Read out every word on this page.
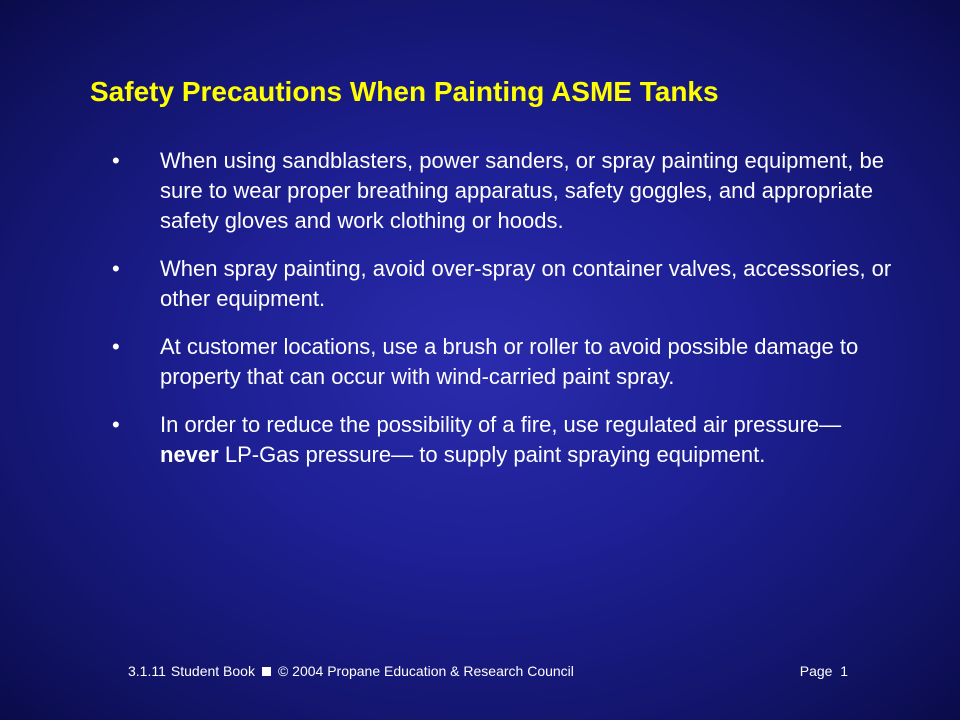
Safety Precautions When Painting ASME Tanks
•	When using sandblasters, power sanders, or spray painting equipment, be sure to wear proper breathing apparatus, safety goggles, and appropriate safety gloves and work clothing or hoods.
•	When spray painting, avoid over-spray on container valves, accessories, or other equipment.
•	At customer locations, use a brush or roller to avoid possible damage to property that can occur with wind-carried paint spray.
•	In order to reduce the possibility of a fire, use regulated air pressure—never LP-Gas pressure— to supply paint spraying equipment.
3.1.11 Student Book © 2004 Propane Education & Research Council	Page  1
